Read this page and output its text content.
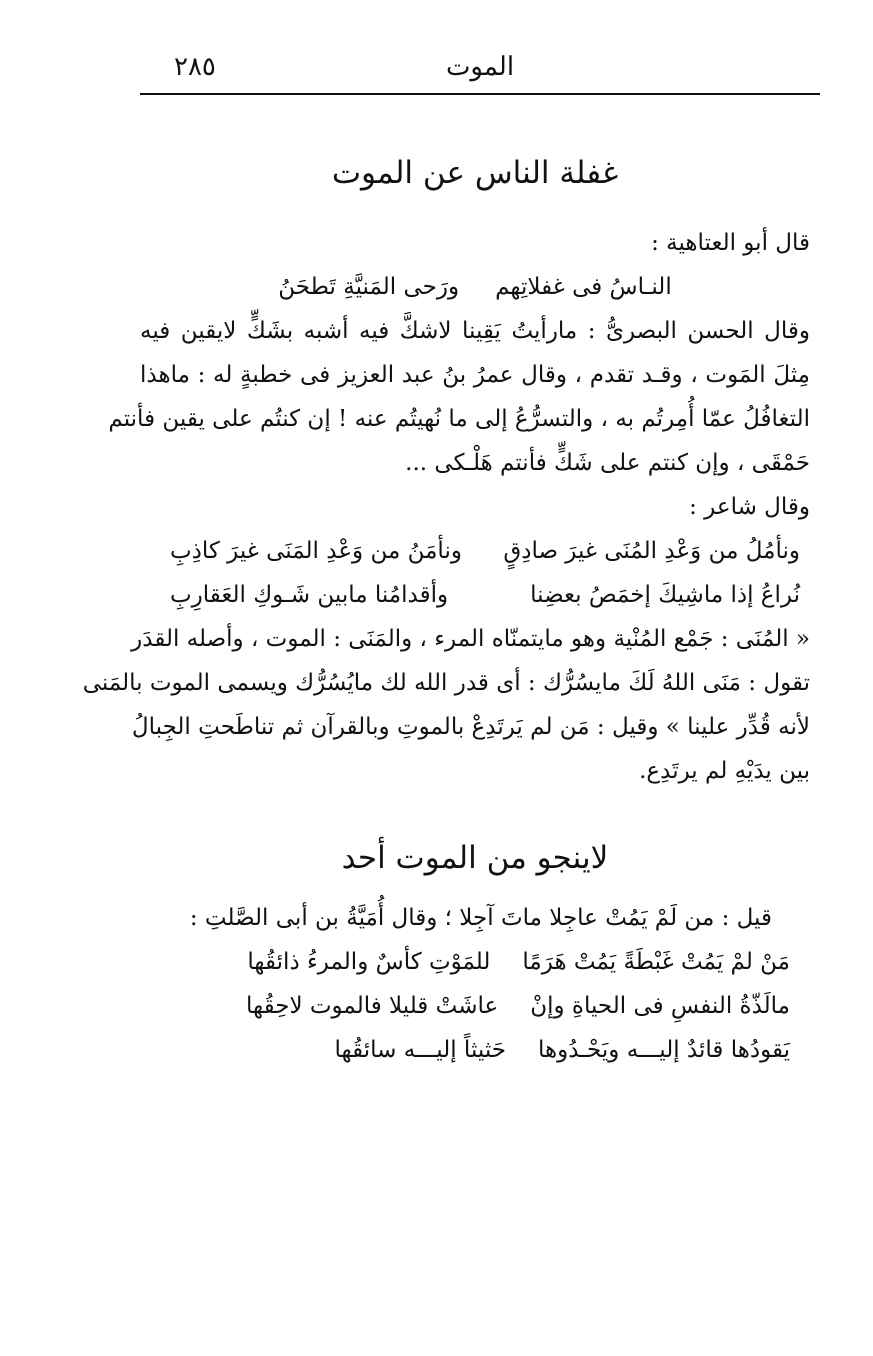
الموت
٢٨٥
غفلة الناس عن الموت
قال أبو العتاهية :
النـاسُ فى غفلاتِهم
ورَحى المَنيَّةِ تَطحَنُ
وقال الحسن البصرىُّ : مارأيتُ يَقِينا لاشكَّ فيه أشبه بشَكٍّ لايقين فيه
مِثلَ المَوت ، وقـد تقدم ، وقال عمرُ بنُ عبد العزيز فى خطبةٍ له : ماهذا
التغافُلُ عمّا أُمِرتُم به ، والتسرُّعُ إلى ما نُهيتُم عنه ! إن كنتُم على يقين فأنتم
حَمْقَى ، وإن كنتم على شَكٍّ فأنتم هَلْـكى ...
وقال شاعر :
ونأمُلُ من وَعْدِ المُنَى غيرَ صادِقٍ
ونأمَنُ من وَعْدِ المَنَى غيرَ كاذِبِ
نُراعُ إذا ماشِيكَ إخمَصُ بعضِنا
وأقدامُنا مابين شَـوكِ العَقارِبِ
« المُنَى : جَمْع المُنْية وهو مايتمنّاه المرء ، والمَنَى : الموت ، وأصله القدَر
تقول : مَنَى اللهُ لَكَ مايسُرُّك : أى قدر الله لك مايُسُرُّك ويسمى الموت بالمَنى
لأنه قُدِّر علينا » وقيل : مَن لم يَرتَدِعْ بالموتِ وبالقرآن ثم تناطَحتِ الجِبالُ
بين يدَيْهِ لم يرتَدِع.
لاينجو من الموت أحد
قيل : من لَمْ يَمُتْ عاجِلا ماتَ آجِلا ؛ وقال أُمَيَّةُ بن أبى الصَّلتِ :
مَنْ لمْ يَمُتْ غَبْطَةً يَمُتْ هَرَمًا
للمَوْتِ كأسٌ والمرءُ ذائقُها
مالَذّةُ النفسِ فى الحياةِ وإنْ
عاشَتْ قليلا فالموت لاحِقُها
يَقودُها قائدٌ إليـــه ويَحْـدُوها
حَثيثاً إليـــه سائقُها
